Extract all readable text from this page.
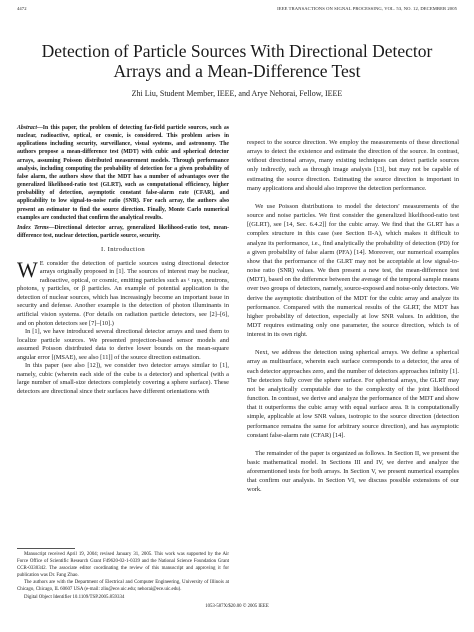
4472	IEEE TRANSACTIONS ON SIGNAL PROCESSING, VOL. 53, NO. 12, DECEMBER 2005
Detection of Particle Sources With Directional Detector Arrays and a Mean-Difference Test
Zhi Liu, Student Member, IEEE, and Arye Nehorai, Fellow, IEEE
Abstract—In this paper, the problem of detecting far-field particle sources, such as nuclear, radioactive, optical, or cosmic, is considered. This problem arises in applications including security, surveillance, visual systems, and astronomy. The authors propose a mean-difference test (MDT) with cubic and spherical detector arrays, assuming Poisson distributed measurement models. Through performance analysis, including computing the probability of detection for a given probability of false alarm, the authors show that the MDT has a number of advantages over the generalized likelihood-ratio test (GLRT), such as computational efficiency, higher probability of detection, asymptotic constant false-alarm rate (CFAR), and applicability to low signal-to-noise ratio (SNR). For each array, the authors also present an estimator to find the source direction. Finally, Monte Carlo numerical examples are conducted that confirm the analytical results.
Index Terms—Directional detector array, generalized likelihood-ratio test, mean-difference test, nuclear detection, particle source, security.
I. Introduction

W E consider the detection of particle sources using directional detector arrays originally proposed in [1]. The sources of interest may be nuclear, radioactive, optical, or cosmic, emitting particles such as ˣ rays, neutrons, photons, γ particles, or β particles. An example of potential application is the detection of nuclear sources, which has increasingly become an important issue in security and defense. Another example is the detection of photon illuminants in artificial vision systems. (For details on radiation particle detectors, see [2]–[6], and on photon detectors see [7]–[10].)

In [1], we have introduced several directional detector arrays and used them to localize particle sources. We presented projection-based sensor models and assumed Poisson distributed data to derive lower bounds on the mean-square angular error [(MSAE), see also [11]] of the source direction estimation.

In this paper (see also [12]), we consider two detector arrays similar to [1], namely, cubic (wherein each side of the cube is a detector) and spherical (with a large number of small-size detectors completely covering a sphere surface). These detectors are directional since their surfaces have different orientations with

Manuscript received April 19, 2004; revised January 31, 2005. This work was supported by the Air Force Office of Scientific Research Grant F49620-02-1-0339 and the National Science Foundation Grant CCR-0330342. The associate editor coordinating the review of this manuscript and approving it for publication was Dr. Fang Zhao.

The authors are with the Department of Electrical and Computer Engineering, University of Illinois at Chicago, Chicago, IL 60607 USA (e-mail: zliu@ece.uic.edu; nehorai@ece.uic.edu).

Digital Object Identifier 10.1109/TSP.2005.859334

respect to the source direction. We employ the measurements of these directional arrays to detect the existence and estimate the direction of the source. In contrast, without directional arrays, many existing techniques can detect particle sources only indirectly, such as through image analysis [13], but may not be capable of estimating the source direction. Estimating the source direction is important in many applications and should also improve the detection performance.

We use Poisson distributions to model the detectors' measurements of the source and noise particles. We first consider the generalized likelihood-ratio test [(GLRT), see [14, Sec. 6.4.2]] for the cubic array. We find that the GLRT has a complex structure in this case (see Section II-A), which makes it difficult to analyze its performance, i.e., find analytically the probability of detection (PD) for a given probability of false alarm (PFA) [14]. Moreover, our numerical examples show that the performance of the GLRT may not be acceptable at low signal-to-noise ratio (SNR) values. We then present a new test, the mean-difference test (MDT), based on the difference between the average of the temporal sample means over two groups of detectors, namely, source-exposed and noise-only detectors. We derive the asymptotic distribution of the MDT for the cubic array and analyze its performance. Compared with the numerical results of the GLRT, the MDT has higher probability of detection, especially at low SNR values. In addition, the MDT requires estimating only one parameter, the source direction, which is of interest in its own right.

Next, we address the detection using spherical arrays. We define a spherical array as multisurface, wherein each surface corresponds to a detector, the area of each detector approaches zero, and the number of detectors approaches infinity [1]. The detectors fully cover the sphere surface. For spherical arrays, the GLRT may not be analytically computable due to the complexity of the joint likelihood function. In contrast, we derive and analyze the performance of the MDT and show that it outperforms the cubic array with equal surface area. It is computationally simple, applicable at low SNR values, isotropic to the source direction (detection performance remains the same for arbitrary source direction), and has asymptotic constant false-alarm rate (CFAR) [14].

The remainder of the paper is organized as follows. In Section II, we present the basic mathematical model. In Sections III and IV, we derive and analyze the aforementioned tests for both arrays. In Section V, we present numerical examples that confirm our analysis. In Section VI, we discuss possible extensions of our work.

1053-587X/$20.00 © 2005 IEEE
